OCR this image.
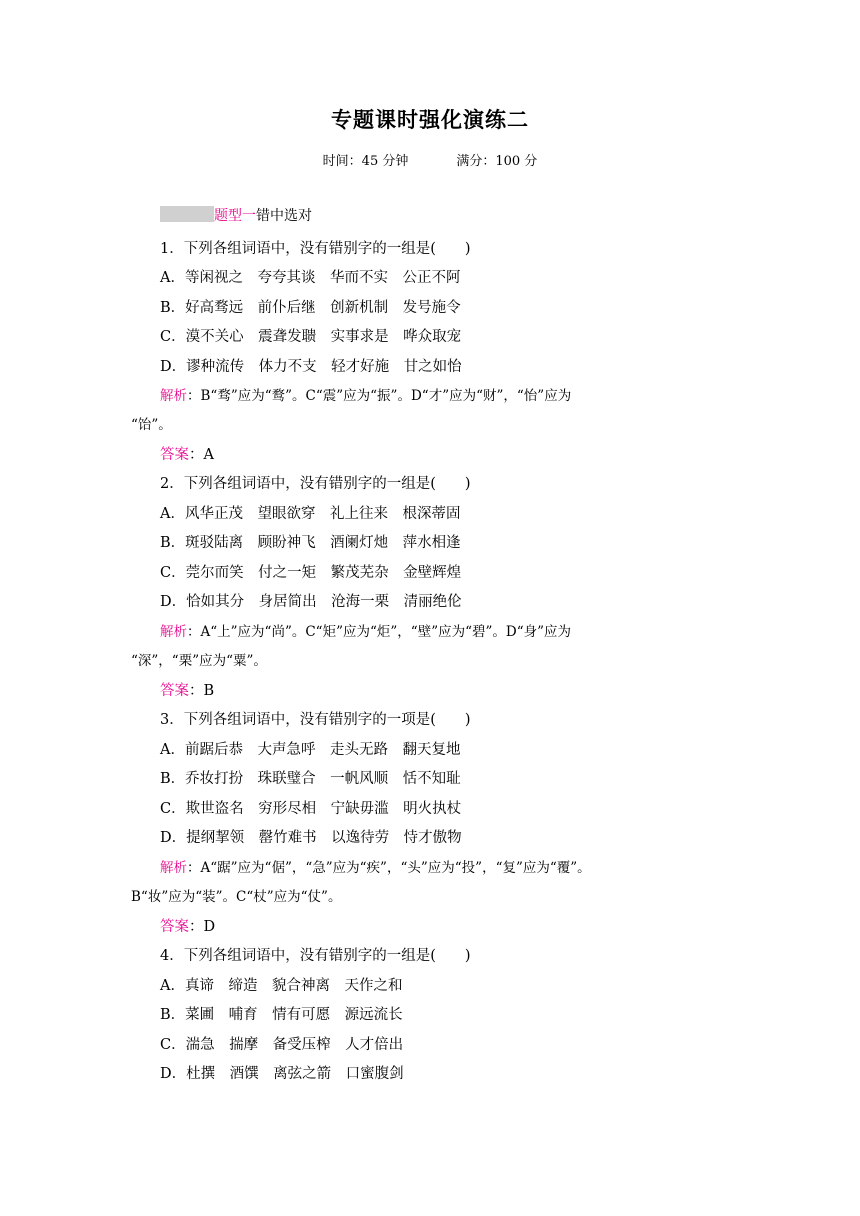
专题课时强化演练二
时间：45 分钟	满分：100 分
题型一错中选对
1．下列各组词语中，没有错别字的一组是(　　)
A．等闲视之　夸夸其谈　华而不实　公正不阿
B．好高骛远　前仆后继　创新机制　发号施令
C．漠不关心　震聋发聩　实事求是　哗众取宠
D．谬种流传　体力不支　轻才好施　甘之如怡
解析：B“骛”应为“鹜”。C“震”应为“振”。D“才”应为“财”，“怡”应为
“饴”。
答案：A
2．下列各组词语中，没有错别字的一组是(　　)
A．风华正茂　望眼欲穿　礼上往来　根深蒂固
B．斑驳陆离　顾盼神飞　酒阑灯灺　萍水相逢
C．莞尔而笑　付之一矩　繁茂芜杂　金壁辉煌
D．恰如其分　身居简出　沧海一栗　清丽绝伦
解析：A“上”应为“尚”。C“矩”应为“炬”，“壁”应为“碧”。D“身”应为
“深”，“栗”应为“粟”。
答案：B
3．下列各组词语中，没有错别字的一项是(　　)
A．前踞后恭　大声急呼　走头无路　翻天复地
B．乔妆打扮　珠联璧合　一帆风顺　恬不知耻
C．欺世盗名　穷形尽相　宁缺毋滥　明火执杖
D．提纲挈领　罄竹难书　以逸待劳　恃才傲物
解析：A“踞”应为“倨”，“急”应为“疾”，“头”应为“投”，“复”应为“覆”。
B“妆”应为“装”。C“杖”应为“仗”。
答案：D
4．下列各组词语中，没有错别字的一组是(　　)
A．真谛　缔造　貌合神离　天作之和
B．菜圃　哺育　情有可愿　源远流长
C．湍急　揣摩　备受压榨　人才倍出
D．杜撰　酒馔　离弦之箭　口蜜腹剑
